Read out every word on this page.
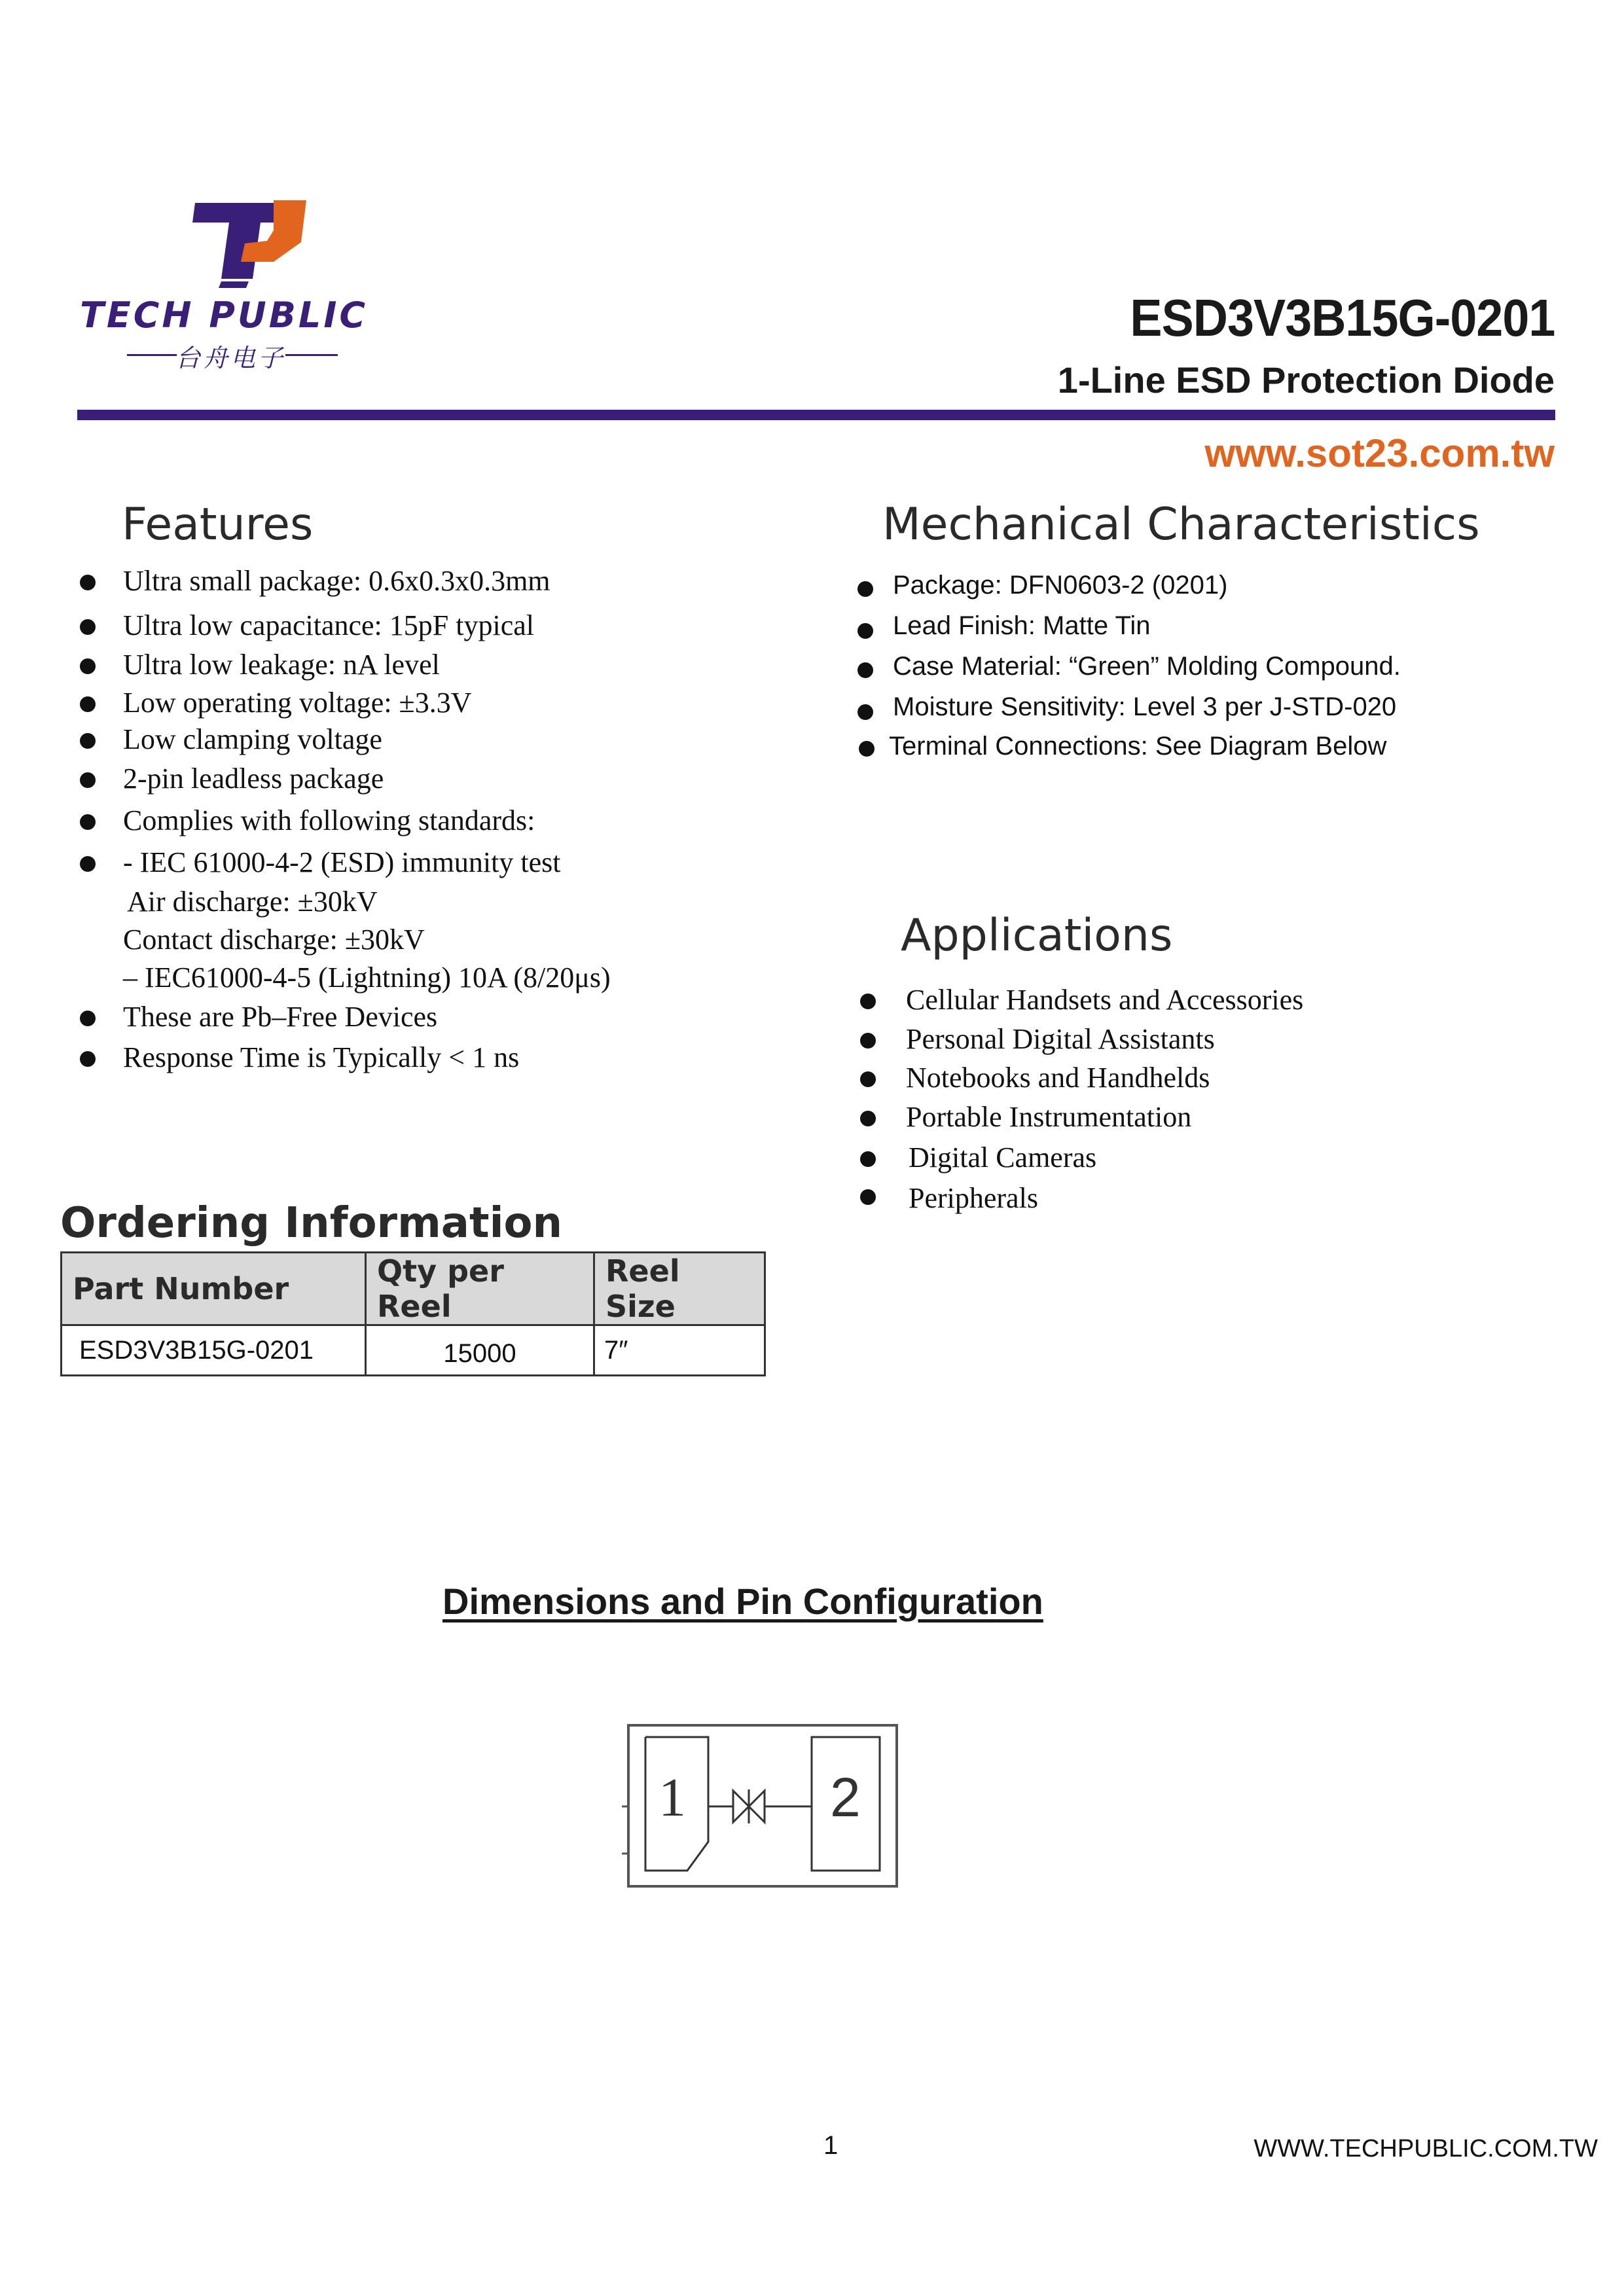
TECH PUBLIC
台舟电子
ESD3V3B15G-0201
1-Line ESD Protection Diode
www.sot23.com.tw
Features
Ultra small package: 0.6x0.3x0.3mm
Ultra low capacitance: 15pF typical
Ultra low leakage: nA level
Low operating voltage: ±3.3V
Low clamping voltage
2-pin leadless package
Complies with following standards:
- IEC 61000-4-2 (ESD) immunity test
Air discharge: ±30kV
Contact discharge: ±30kV
– IEC61000-4-5 (Lightning) 10A (8/20μs)
These are Pb–Free Devices
Response Time is Typically < 1 ns
Mechanical Characteristics
Package: DFN0603-2 (0201)
Lead Finish: Matte Tin
Case Material: “Green” Molding Compound.
Moisture Sensitivity: Level 3 per J-STD-020
Terminal Connections: See Diagram Below
Applications
Cellular Handsets and Accessories
Personal Digital Assistants
Notebooks and Handhelds
Portable Instrumentation
Digital Cameras
Peripherals
Ordering Information
Part Number	Qty per Reel	Reel Size
ESD3V3B15G-0201	15000	7″
Dimensions and Pin Configuration
1	2
1	WWW.TECHPUBLIC.COM.TW
